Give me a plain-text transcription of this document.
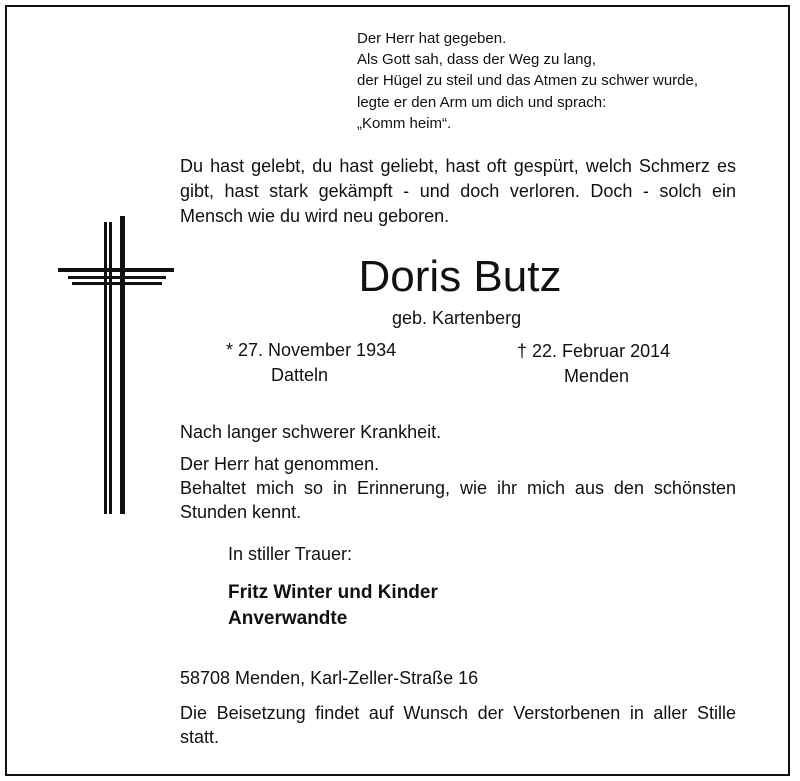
Der Herr hat gegeben.
Als Gott sah, dass der Weg zu lang,
der Hügel zu steil und das Atmen zu schwer wurde,
legte er den Arm um dich und sprach:
„Komm heim“.
Du hast gelebt, du hast geliebt, hast oft gespürt, welch Schmerz es gibt, hast stark gekämpft - und doch verloren. Doch - solch ein Mensch wie du wird neu geboren.
Doris Butz
geb. Kartenberg
* 27. November 1934
Datteln
† 22. Februar 2014
Menden
Nach langer schwerer Krankheit.
Der Herr hat genommen.
Behaltet mich so in Erinnerung, wie ihr mich aus den schönsten Stunden kennt.
In stiller Trauer:
Fritz Winter und Kinder
Anverwandte
58708 Menden, Karl-Zeller-Straße 16
Die Beisetzung findet auf Wunsch der Verstorbenen in aller Stille statt.
